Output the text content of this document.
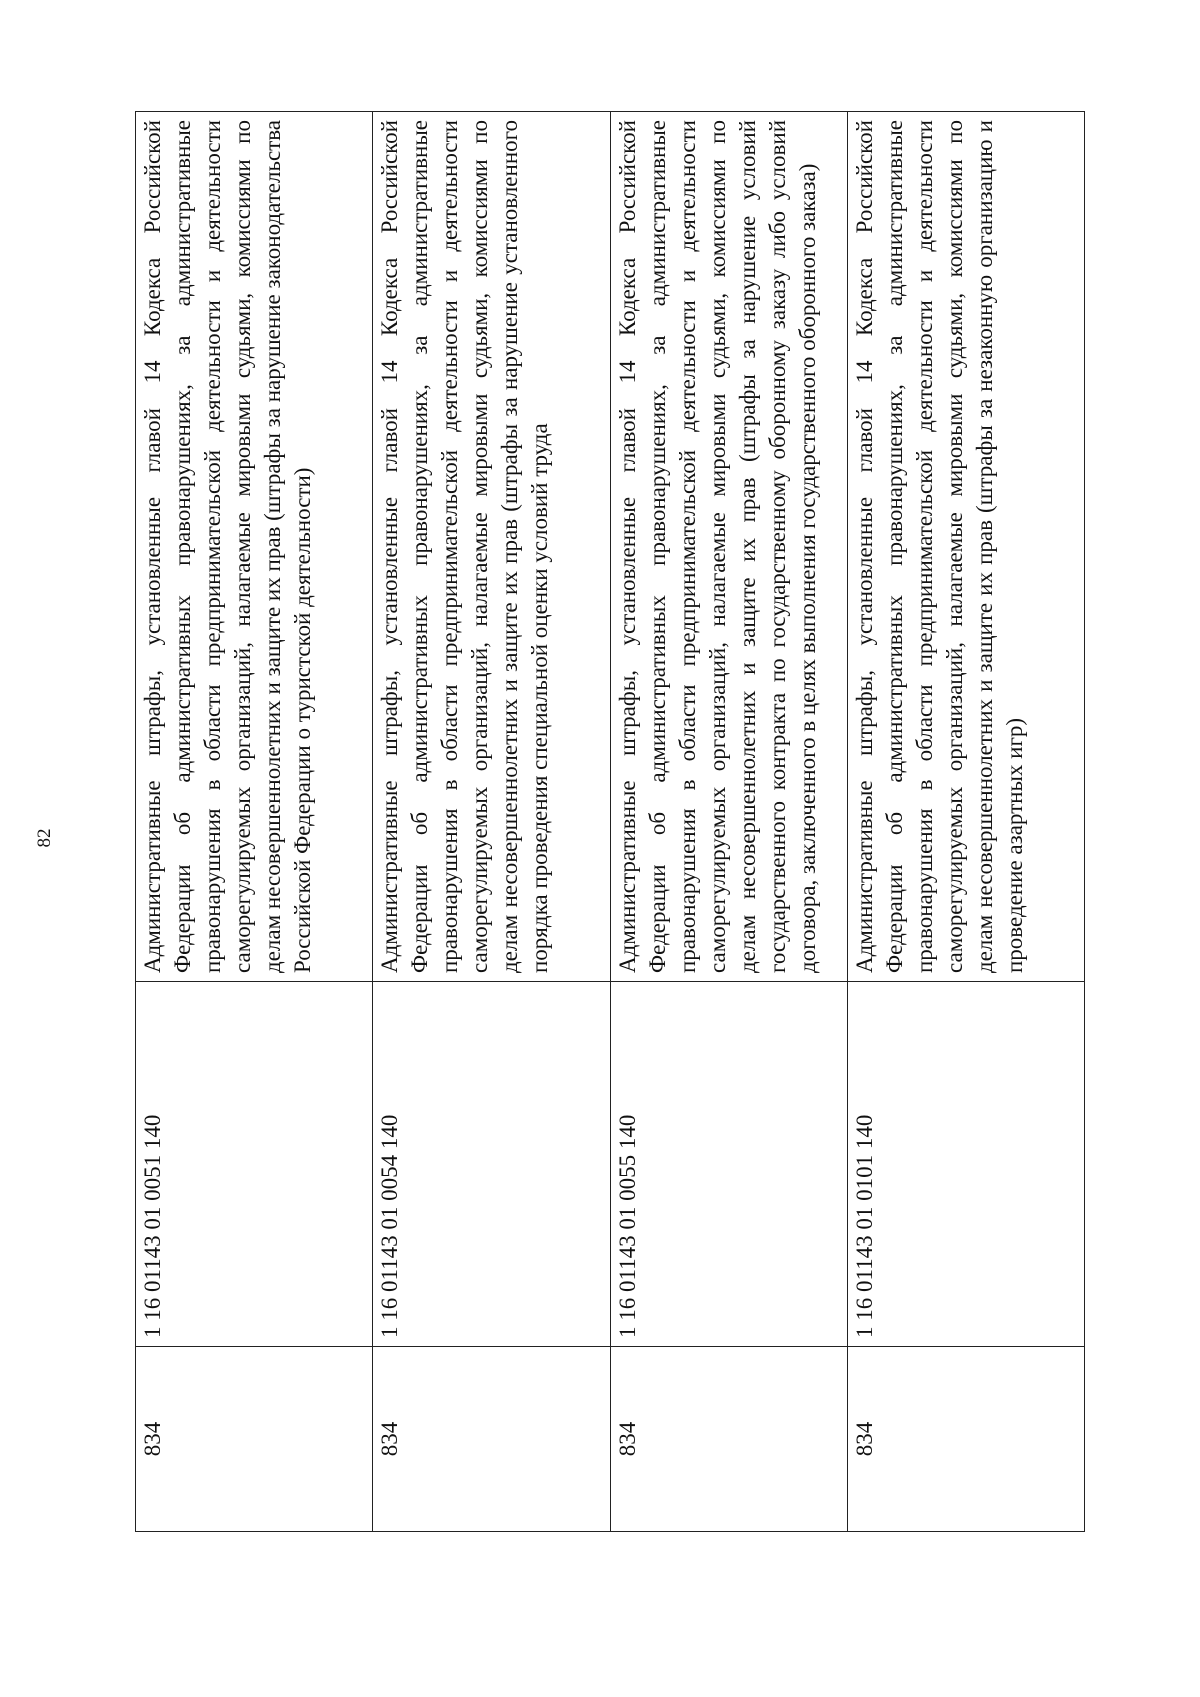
82
834	1 16 01143 01 0051 140	Административные штрафы, установленные главой 14 Кодекса Российской Федерации об административных правонарушениях, за административные правонарушения в области предпринимательской деятельности и деятельности саморегулируемых организаций, налагаемые мировыми судьями, комиссиями по делам несовершеннолетних и защите их прав (штрафы за нарушение законодательства Российской Федерации о туристской деятельности)
834	1 16 01143 01 0054 140	Административные штрафы, установленные главой 14 Кодекса Российской Федерации об административных правонарушениях, за административные правонарушения в области предпринимательской деятельности и деятельности саморегулируемых организаций, налагаемые мировыми судьями, комиссиями по делам несовершеннолетних и защите их прав (штрафы за нарушение установленного порядка проведения специальной оценки условий труда
834	1 16 01143 01 0055 140	Административные штрафы, установленные главой 14 Кодекса Российской Федерации об административных правонарушениях, за административные правонарушения в области предпринимательской деятельности и деятельности саморегулируемых организаций, налагаемые мировыми судьями, комиссиями по делам несовершеннолетних и защите их прав (штрафы за нарушение условий государственного контракта по государственному оборонному заказу либо условий договора, заключенного в целях выполнения государственного оборонного заказа)
834	1 16 01143 01 0101 140	Административные штрафы, установленные главой 14 Кодекса Российской Федерации об административных правонарушениях, за административные правонарушения в области предпринимательской деятельности и деятельности саморегулируемых организаций, налагаемые мировыми судьями, комиссиями по делам несовершеннолетних и защите их прав (штрафы за незаконную организацию и проведение азартных игр)
